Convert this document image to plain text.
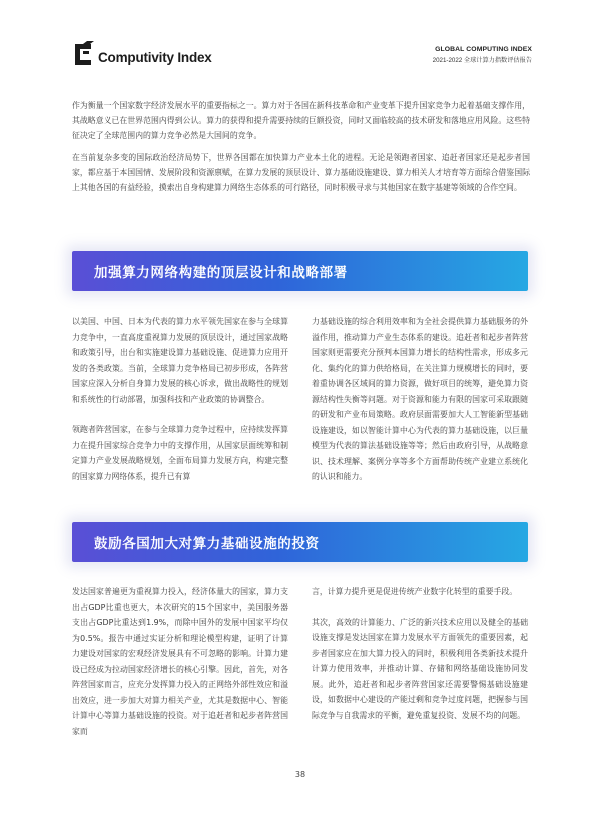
Computivity Index	GLOBAL COMPUTING INDEX
2021-2022 全球计算力指数评估报告

作为衡量一个国家数字经济发展水平的重要指标之一。算力对于各国在新科技革命和产业变革下提升国家竞争力起着基础支撑作用，其战略意义已在世界范围内得到公认。算力的获得和提升需要持续的巨额投资，同时又面临较高的技术研发和落地应用风险。这些特征决定了全球范围内的算力竞争必然是大国间的竞争。

在当前复杂多变的国际政治经济局势下，世界各国都在加快算力产业本土化的进程。无论是领跑者国家、追赶者国家还是起步者国家，都应基于本国国情、发展阶段和资源禀赋，在算力发展的顶层设计、算力基础设施建设、算力相关人才培育等方面综合借鉴国际上其他各国的有益经验，摸索出自身构建算力网络生态体系的可行路径，同时积极寻求与其他国家在数字基建等领域的合作空间。

加强算力网络构建的顶层设计和战略部署

以美国、中国、日本为代表的算力水平领先国家在参与全球算力竞争中，一直高度重视算力发展的顶层设计，通过国家战略和政策引导，出台和实施建设算力基础设施、促进算力应用开发的各类政策。当前，全球算力竞争格局已初步形成，各阵营国家应深入分析自身算力发展的核心诉求，做出战略性的规划和系统性的行动部署，加强科技和产业政策的协调整合。

领跑者阵营国家，在参与全球算力竞争过程中，应持续发挥算力在提升国家综合竞争力中的支撑作用，从国家层面统筹和制定算力产业发展战略规划，全面布局算力发展方向，构建完整的国家算力网络体系，提升已有算

力基础设施的综合利用效率和为全社会提供算力基础服务的外溢作用，推动算力产业生态体系的建设。追赶者和起步者阵营国家则更需要充分预判本国算力增长的结构性需求，形成多元化、集约化的算力供给格局，在关注算力规模增长的同时，要着重协调各区域间的算力资源，做好项目的统筹，避免算力资源结构性失衡等问题。对于资源和能力有限的国家可采取跟随的研发和产业布局策略。政府层面需要加大人工智能新型基础设施建设，如以智能计算中心为代表的算力基础设施，以巨量模型为代表的算法基础设施等等；然后由政府引导，从战略意识、技术理解、案例分享等多个方面帮助传统产业建立系统化的认识和能力。

鼓励各国加大对算力基础设施的投资

发达国家普遍更为重视算力投入，经济体量大的国家，算力支出占GDP比重也更大，本次研究的15个国家中，美国服务器支出占GDP比重达到1.9%，而除中国外的发展中国家平均仅为0.5%。报告中通过实证分析和理论模型构建，证明了计算力建设对国家的宏观经济发展具有不可忽略的影响。计算力建设已经成为拉动国家经济增长的核心引擎。因此，首先，对各阵营国家而言，应充分发挥算力投入的正网络外部性效应和溢出效应，进一步加大对算力相关产业，尤其是数据中心、智能计算中心等算力基础设施的投资。对于追赶者和起步者阵营国家而

言，计算力提升更是促进传统产业数字化转型的重要手段。

其次，高效的计算能力、广泛的新兴技术应用以及健全的基础设施支撑是发达国家在算力发展水平方面领先的重要因素，起步者国家应在加大算力投入的同时，积极利用各类新技术提升计算力使用效率，并推动计算、存储和网络基础设施协同发展。此外，追赶者和起步者阵营国家还需要警惕基础设施建设，如数据中心建设的产能过剩和竞争过度问题，把握参与国际竞争与自我需求的平衡，避免重复投资、发展不均的问题。

38
